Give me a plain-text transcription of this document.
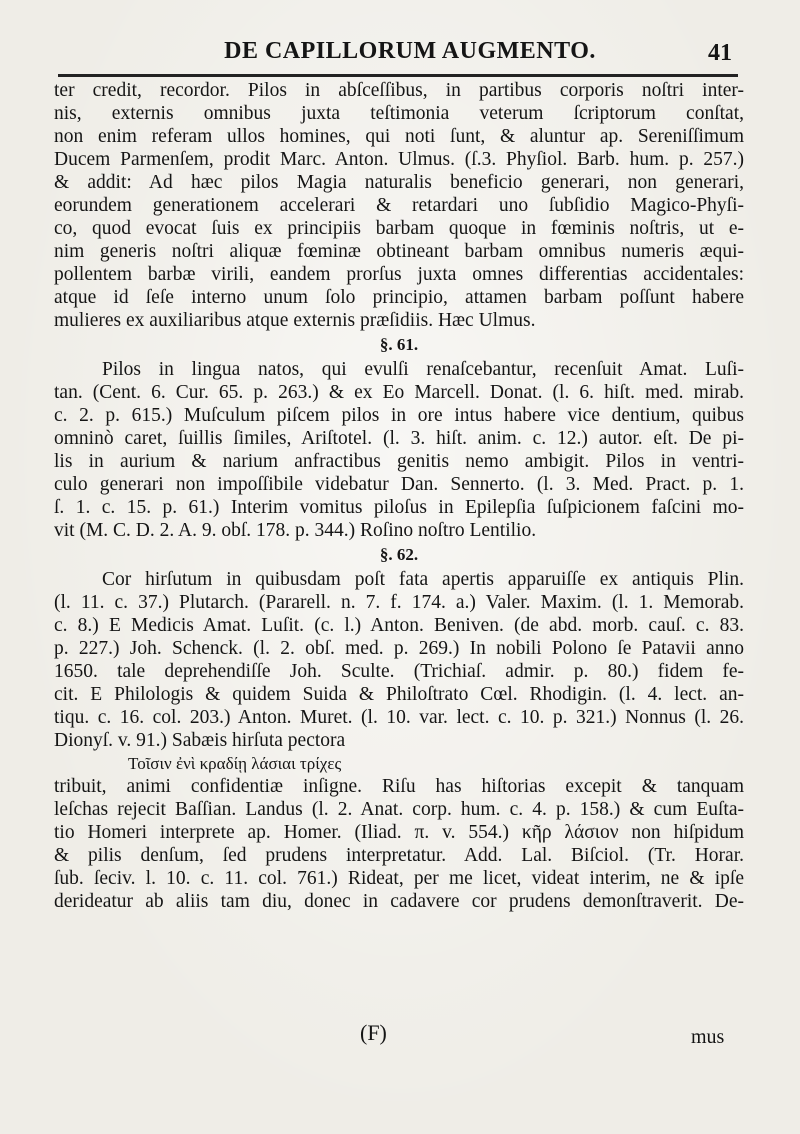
DE CAPILLORUM AUGMENTO.	41
ter credit, recordor. Pilos in abſceſſibus, in partibus corporis noſtri inter-
nis, externis omnibus juxta teſtimonia veterum ſcriptorum conſtat,
non enim referam ullos homines, qui noti ſunt, & aluntur ap. Sereniſſimum
Ducem Parmenſem, prodit Marc. Anton. Ulmus. (ſ.3. Phyſiol. Barb. hum. p. 257.)
& addit: Ad hæc pilos Magia naturalis beneficio generari, non generari,
eorundem generationem accelerari & retardari uno ſubſidio Magico-Phyſi-
co, quod evocat ſuis ex principiis barbam quoque in fœminis noſtris, ut e-
nim generis noſtri aliquæ fœminæ obtineant barbam omnibus numeris æqui-
pollentem barbæ virili, eandem prorſus juxta omnes differentias accidentales:
atque id ſeſe interno unum ſolo principio, attamen barbam poſſunt habere
mulieres ex auxiliaribus atque externis præſidiis. Hæc Ulmus.
§. 61.
Pilos in lingua natos, qui evulſi renaſcebantur, recenſuit Amat. Luſi-
tan. (Cent. 6. Cur. 65. p. 263.) & ex Eo Marcell. Donat. (l. 6. hiſt. med. mirab.
c. 2. p. 615.) Muſculum piſcem pilos in ore intus habere vice dentium, quibus
omninò caret, ſuillis ſimiles, Ariſtotel. (l. 3. hiſt. anim. c. 12.) autor. eſt. De pi-
lis in aurium & narium anfractibus genitis nemo ambigit. Pilos in ventri-
culo generari non impoſſibile videbatur Dan. Sennerto. (l. 3. Med. Pract. p. 1.
ſ. 1. c. 15. p. 61.) Interim vomitus piloſus in Epilepſia ſuſpicionem faſcini mo-
vit (M. C. D. 2. A. 9. obſ. 178. p. 344.) Roſino noſtro Lentilio.
§. 62.
Cor hirſutum in quibusdam poſt fata apertis apparuiſſe ex antiquis Plin.
(l. 11. c. 37.) Plutarch. (Pararell. n. 7. f. 174. a.) Valer. Maxim. (l. 1. Memorab.
c. 8.) E Medicis Amat. Luſit. (c. l.) Anton. Beniven. (de abd. morb. cauſ. c. 83.
p. 227.) Joh. Schenck. (l. 2. obſ. med. p. 269.) In nobili Polono ſe Patavii anno
1650. tale deprehendiſſe Joh. Sculte. (Trichiaſ. admir. p. 80.) fidem fe-
cit. E Philologis & quidem Suida & Philoſtrato Cœl. Rhodigin. (l. 4. lect. an-
tiqu. c. 16. col. 203.) Anton. Muret. (l. 10. var. lect. c. 10. p. 321.) Nonnus (l. 26.
Dionyſ. v. 91.) Sabæis hirſuta pectora
Τοῖσιν ἐνὶ κραδίῃ λάσιαι τρίχες
tribuit, animi confidentiæ inſigne. Riſu has hiſtorias excepit & tanquam
leſchas rejecit Baſſian. Landus (l. 2. Anat. corp. hum. c. 4. p. 158.) & cum Euſta-
tio Homeri interprete ap. Homer. (Iliad. π. v. 554.) κῆρ λάσιον non hiſpidum
& pilis denſum, ſed prudens interpretatur. Add. Lal. Biſciol. (Tr. Horar.
ſub. ſeciv. l. 10. c. 11. col. 761.) Rideat, per me licet, videat interim, ne & ipſe
derideatur ab aliis tam diu, donec in cadavere cor prudens demonſtraverit. De-
(F)	mus
